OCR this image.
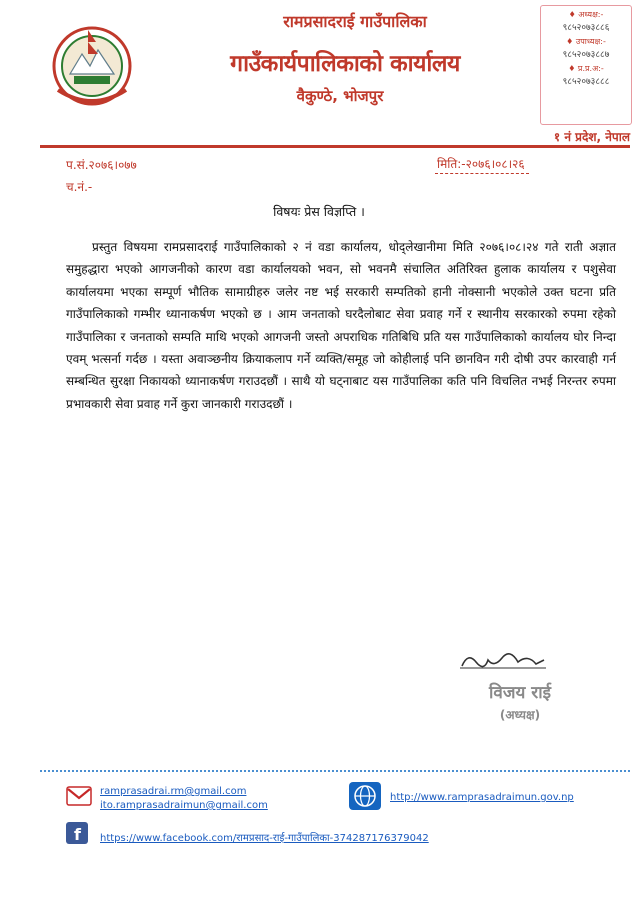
रामप्रसादराई गाउँपालिका
गाउँकार्यपालिकाको कार्यालय
वैकुण्ठे, भोजपुर
♦ अध्यक्ष:-
९८५२०७३८८६
♦ उपाध्यक्ष:-
९८५२०७३८८७
♦ प्र.प्र.अ:-
९८५२०७३८८८
१ नं प्रदेश, नेपाल
प.सं.२०७६।०७७
च.नं.-
मिति:-२०७६।०८।२६
विषयः प्रेस विज्ञप्ति ।
प्रस्तुत विषयमा रामप्रसादराई गाउँपालिकाको २ नं वडा कार्यालय, धोद्लेखानीमा मिति २०७६।०८।२४ गते राती अज्ञात समुहद्धारा भएको आगजनीको कारण वडा कार्यालयको भवन, सो भवनमै संचालित अतिरिक्त हुलाक कार्यालय र पशुसेवा कार्यालयमा भएका सम्पूर्ण भौतिक सामाग्रीहरु जलेर नष्ट भई सरकारी सम्पतिको हानी नोक्सानी भएकोले उक्त घटना प्रति गाउँपालिकाको गम्भीर ध्यानाकर्षण भएको छ । आम जनताको घरदैलोबाट सेवा प्रवाह गर्ने र स्थानीय सरकारको रुपमा रहेको गाउँपालिका र जनताको सम्पति माथि भएको आगजनी जस्तो अपराधिक गतिबिधि प्रति यस गाउँपालिकाको कार्यालय घोर निन्दा एवम् भत्सर्ना गर्दछ । यस्ता अवाञ्छनीय क्रियाकलाप गर्ने व्यक्ति/समूह जो कोहीलाई पनि छानविन गरी दोषी उपर कारवाही गर्न सम्बन्धित सुरक्षा निकायको ध्यानाकर्षण गराउदछौं । साथै यो घट्नाबाट यस गाउँपालिका कति पनि विचलित नभई निरन्तर रुपमा प्रभावकारी सेवा प्रवाह गर्ने कुरा जानकारी गराउदछौं ।
विजय राई
(अध्यक्ष)
ramprasadrai.rm@gmail.com
ito.ramprasadraimun@gmail.com
http://www.ramprasadraimun.gov.np
f https://www.facebook.com/रामप्रसाद-राई-गाउँपालिका-374287176379042
